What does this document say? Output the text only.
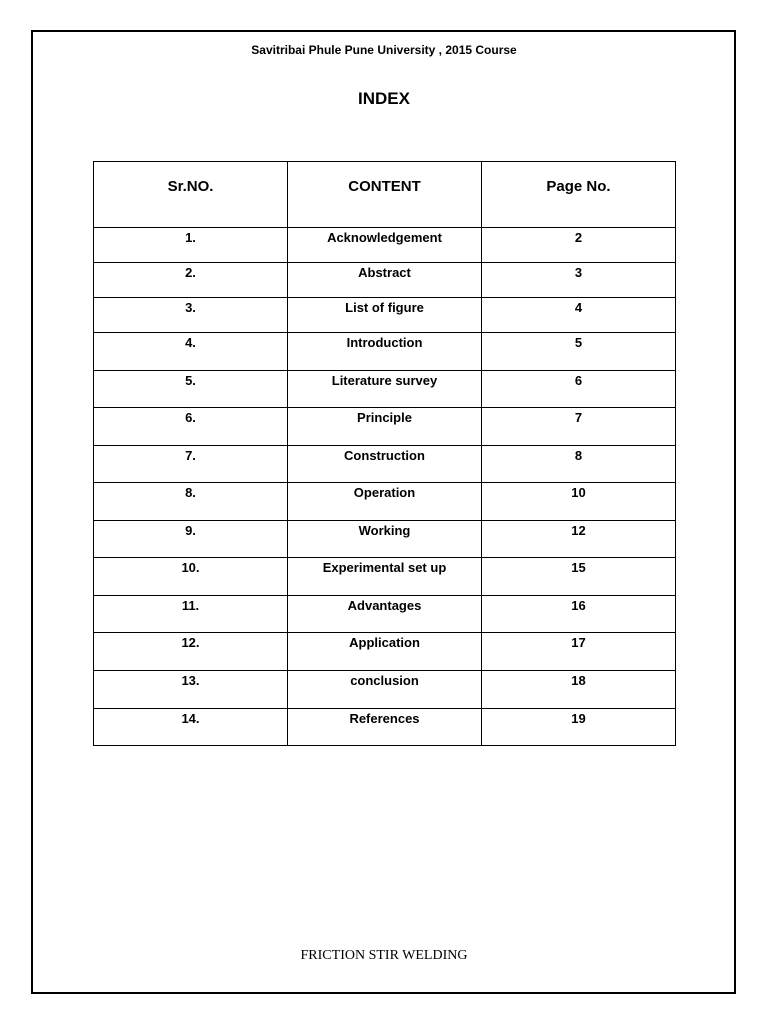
Savitribai Phule Pune University , 2015 Course
INDEX
Sr.NO.	CONTENT	Page No.
1.	Acknowledgement	2
2.	Abstract	3
3.	List of figure	4
4.	Introduction	5
5.	Literature survey	6
6.	Principle	7
7.	Construction	8
8.	Operation	10
9.	Working	12
10.	Experimental set up	15
11.	Advantages	16
12.	Application	17
13.	conclusion	18
14.	References	19
FRICTION STIR WELDING
